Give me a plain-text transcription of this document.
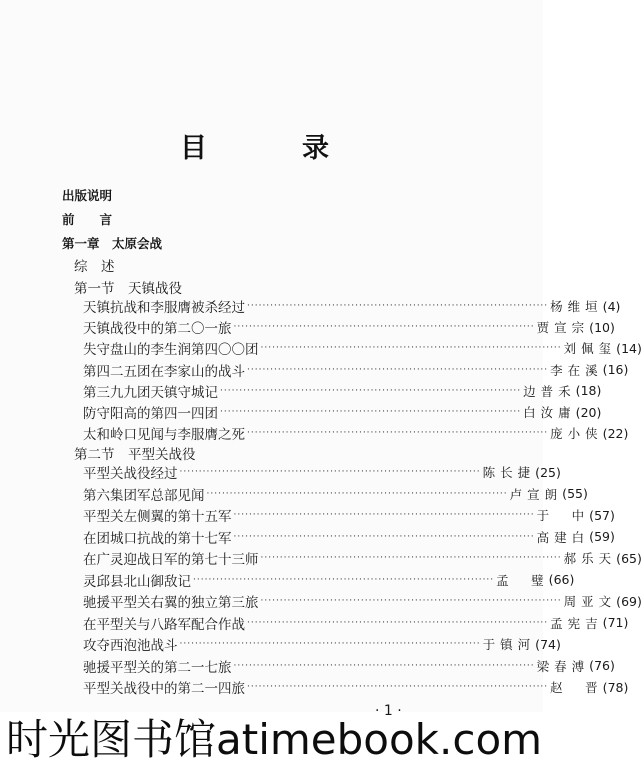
目　录
出版说明
前　　言
第一章　太原会战
综　述
第一节　天镇战役
天镇抗战和李服膺被杀经过 ·············································································· 杨维垣 ( 4 )
天镇战役中的第二〇一旅 ·············································································· 贾宣宗 ( 10 )
失守盘山的李生润第四〇〇团 ·············································································· 刘佩玺 ( 14 )
第四二五团在李家山的战斗 ·············································································· 李在溪 ( 16 )
第三九九团天镇守城记 ·············································································· 边普禾 ( 18 )
防守阳高的第四一四团 ·············································································· 白汝庸 ( 20 )
太和岭口见闻与李服膺之死 ·············································································· 庞小侠 ( 22 )
第二节　平型关战役
平型关战役经过 ·············································································· 陈长捷 ( 25 )
第六集团军总部见闻 ·············································································· 卢宣朗 ( 55 )
平型关左侧翼的第十五军 ·············································································· 于　中 ( 57 )
在团城口抗战的第十七军 ·············································································· 高建白 ( 59 )
在广灵迎战日军的第七十三师 ·············································································· 郝乐天 ( 65 )
灵邱县北山御敌记 ·············································································· 孟　璧 ( 66 )
驰援平型关右翼的独立第三旅 ·············································································· 周亚文 ( 69 )
在平型关与八路军配合作战 ·············································································· 孟宪吉 ( 71 )
攻夺西泡池战斗 ·············································································· 于镇河 ( 74 )
驰援平型关的第二一七旅 ·············································································· 梁春溥 ( 76 )
平型关战役中的第二一四旅 ·············································································· 赵　晋 ( 78 )
· 1 ·
时光图书馆atimebook.com
